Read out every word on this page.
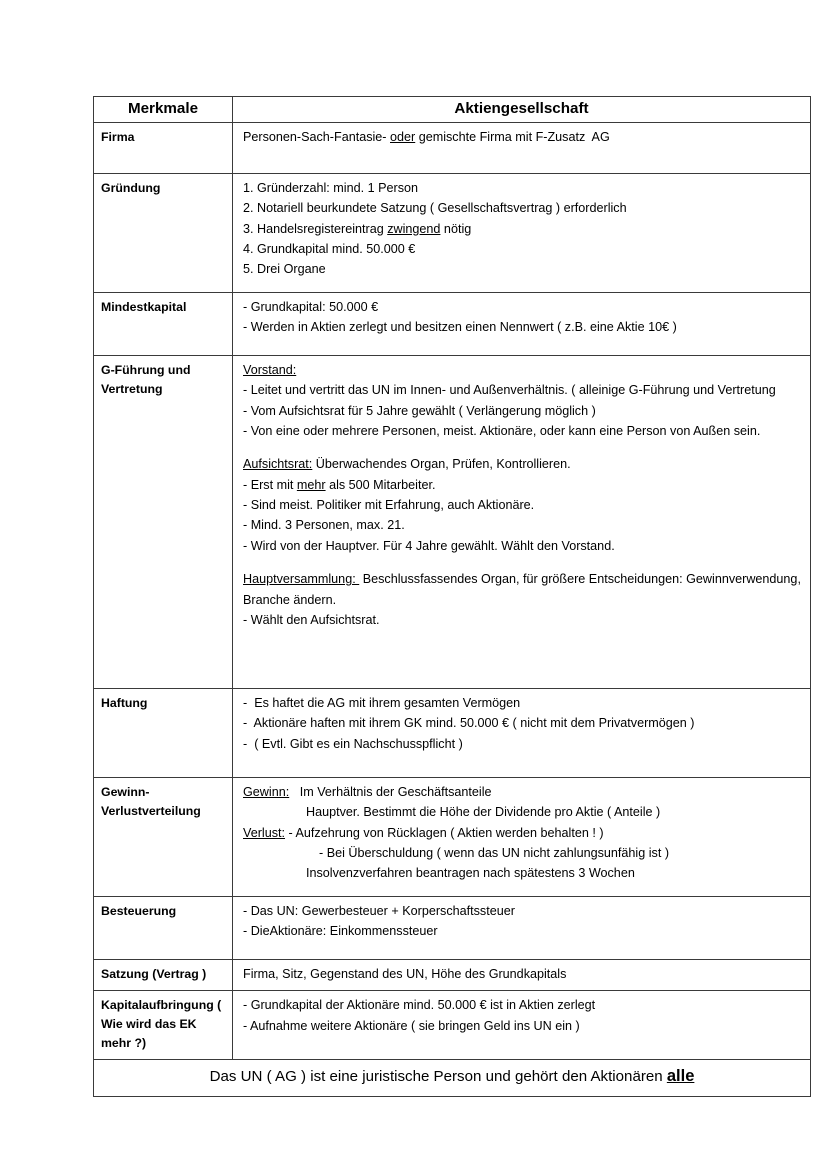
Merkmale	Aktiengesellschaft
Firma	Personen-Sach-Fantasie- oder gemischte Firma mit F-Zusatz  AG

Gründung	1. Gründerzahl: mind. 1 Person
2. Notariell beurkundete Satzung ( Gesellschaftsvertrag ) erforderlich
3. Handelsregistereintrag zwingend nötig
4. Grundkapital mind. 50.000 €
5. Drei Organe

Mindestkapital	- Grundkapital: 50.000 €
- Werden in Aktien zerlegt und besitzen einen Nennwert ( z.B. eine Aktie 10€ )

G-Führung und Vertretung	Vorstand:
- Leitet und vertritt das UN im Innen- und Außenverhältnis. ( alleinige G-Führung und Vertretung
- Vom Aufsichtsrat für 5 Jahre gewählt ( Verlängerung möglich )
- Von eine oder mehrere Personen, meist. Aktionäre, oder kann eine Person von Außen sein.
Aufsichtsrat: Überwachendes Organ, Prüfen, Kontrollieren.
- Erst mit mehr als 500 Mitarbeiter.
- Sind meist. Politiker mit Erfahrung, auch Aktionäre.
- Mind. 3 Personen, max. 21.
- Wird von der Hauptver. Für 4 Jahre gewählt. Wählt den Vorstand.
Hauptversammlung:  Beschlussfassendes Organ, für größere Entscheidungen: Gewinnverwendung, Branche ändern.
- Wählt den Aufsichtsrat.

Haftung	-  Es haftet die AG mit ihrem gesamten Vermögen
-  Aktionäre haften mit ihrem GK mind. 50.000 € ( nicht mit dem Privatvermögen )
-  ( Evtl. Gibt es ein Nachschusspflicht )

Gewinn- Verlustverteilung	Gewinn:   Im Verhältnis der Geschäftsanteile
Hauptver. Bestimmt die Höhe der Dividende pro Aktie ( Anteile )
Verlust: - Aufzehrung von Rücklagen ( Aktien werden behalten ! )
- Bei Überschuldung ( wenn das UN nicht zahlungsunfähig ist )
Insolvenzverfahren beantragen nach spätestens 3 Wochen

Besteuerung	- Das UN: Gewerbesteuer + Korperschaftssteuer
- DieAktionäre: Einkommenssteuer

Satzung (Vertrag )	Firma, Sitz, Gegenstand des UN, Höhe des Grundkapitals

Kapitalaufbringung ( Wie wird das EK mehr ?)	- Grundkapital der Aktionäre mind. 50.000 € ist in Aktien zerlegt
- Aufnahme weitere Aktionäre ( sie bringen Geld ins UN ein )

Das UN ( AG ) ist eine juristische Person und gehört den Aktionären alle	
